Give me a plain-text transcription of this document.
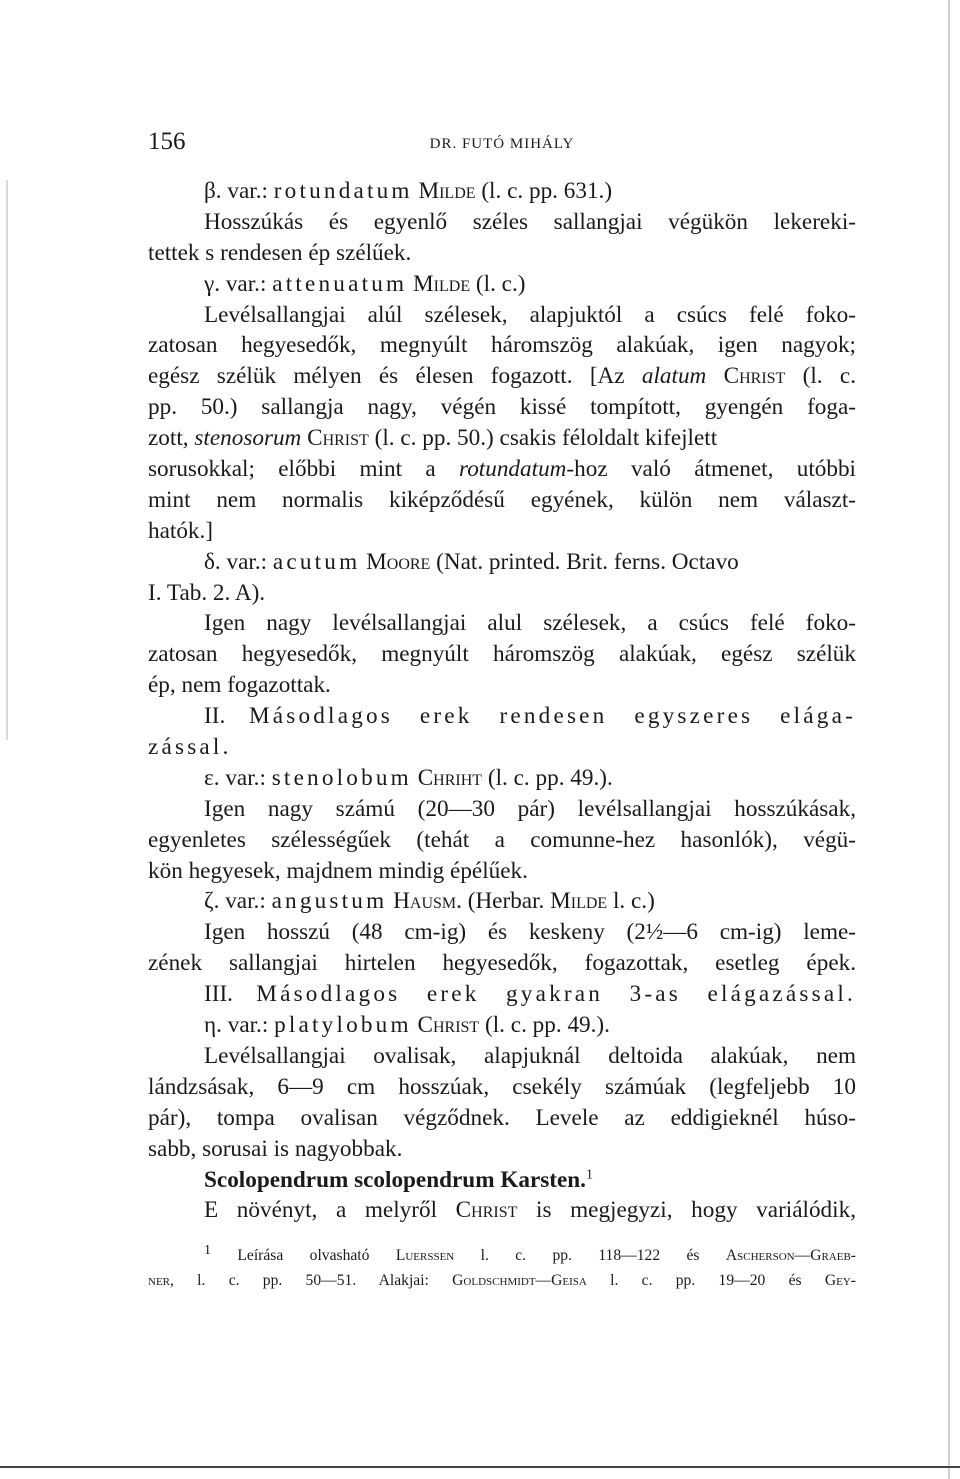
156	DR. FUTÓ MIHÁLY
β. var.: rotundatum Milde (l. c. pp. 631.)
Hosszúkás és egyenlő széles sallangjai végükön lekereki-
tettek s rendesen ép szélűek.
γ. var.: attenuatum Milde (l. c.)
Levélsallangjai alúl szélesek, alapjuktól a csúcs felé foko-
zatosan hegyesedők, megnyúlt háromszög alakúak, igen nagyok;
egész szélük mélyen és élesen fogazott. [Az alatum Christ (l. c.
pp. 50.) sallangja nagy, végén kissé tompított, gyengén foga-
zott, stenosorum Christ (l. c. pp. 50.) csakis féloldalt kifejlett
sorusokkal; előbbi mint a rotundatum-hoz való átmenet, utóbbi
mint nem normalis kiképződésű egyének, külön nem választ-
hatók.]
δ. var.: acutum Moore (Nat. printed. Brit. ferns. Octavo
I. Tab. 2. A).
Igen nagy levélsallangjai alul szélesek, a csúcs felé fokо-
zatosan hegyesedők, megnyúlt háromszög alakúak, egész szélük
ép, nem fogazottak.
II. Másodlagos erek rendesen egyszeres elága-
zással.
ε. var.: stenolobum Chriht (l. c. pp. 49.).
Igen nagy számú (20—30 pár) levélsallangjai hosszúkásak,
egyenletes szélességűek (tehát a comunne-hez hasonlók), végü-
kön hegyesek, majdnem mindig épélűek.
ζ. var.: angustum Hausm. (Herbar. Milde l. c.)
Igen hosszú (48 cm-ig) és keskeny (2½—6 cm-ig) leme-
zének sallangjai hirtelen hegyesedők, fogazottak, esetleg épek.
III. Másodlagos erek gyakran 3-as elágazással.
η. var.: platylobum Christ (l. c. pp. 49.).
Levélsallangjai ovalisak, alapjuknál deltoida alakúak, nem
lándzsásak, 6—9 cm hosszúak, csekély számúak (legfeljebb 10
pár), tompa ovalisan végződnek. Levele az eddigieknél húso-
sabb, sorusai is nagyobbak.
Scolopendrum scolopendrum Karsten.$^1$
E növényt, a melyről Christ is megjegyzi, hogy variálódik,
1 Leírása olvasható Luerssen l. c. pp. 118—122 és Ascherson—Graeb-
ner, l. c. pp. 50—51. Alakjai: Goldschmidt—Geisa l. c. pp. 19—20 és Gey-
